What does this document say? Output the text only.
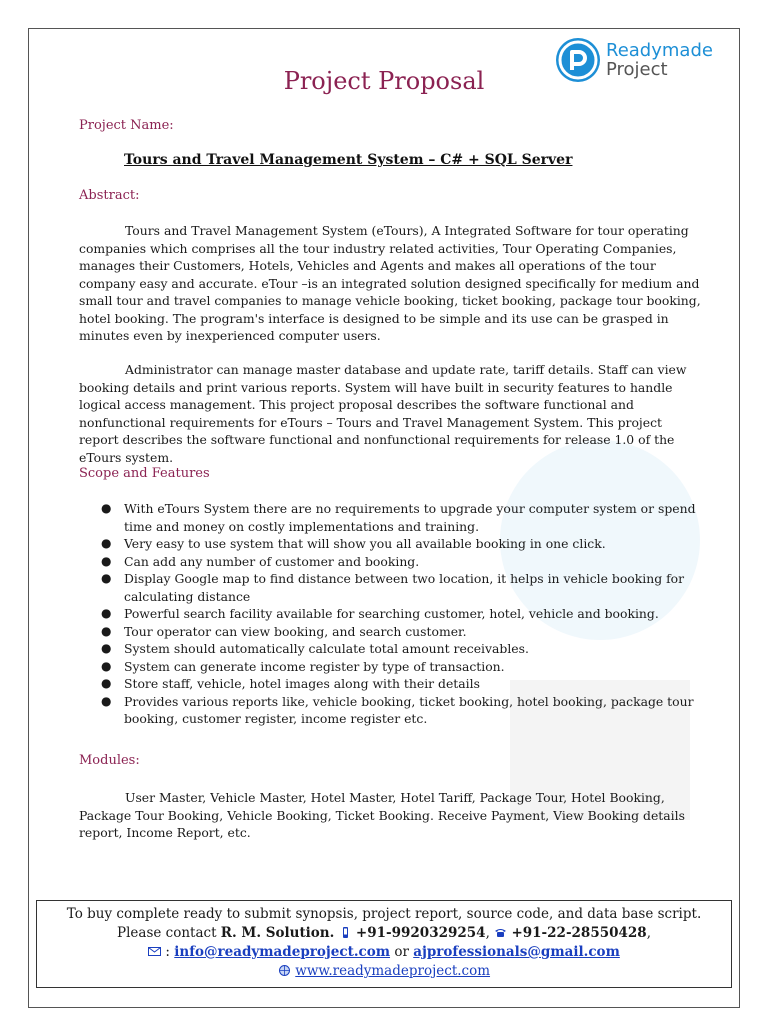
Readymade
Project
Project Proposal
Project Name:
Tours and Travel Management System – C# + SQL Server
Abstract:

Tours and Travel Management System (eTours), A Integrated Software for tour operating companies which comprises all the tour industry related activities, Tour Operating Companies, manages their Customers, Hotels, Vehicles and Agents and makes all operations of the tour company easy and accurate. eTour –is an integrated solution designed specifically for medium and small tour and travel companies to manage vehicle booking, ticket booking, package tour booking, hotel booking. The program's interface is designed to be simple and its use can be grasped in minutes even by inexperienced computer users.

Administrator can manage master database and update rate, tariff details. Staff can view booking details and print various reports. System will have built in security features to handle logical access management. This project proposal describes the software functional and nonfunctional requirements for eTours – Tours and Travel Management System. This project report describes the software functional and nonfunctional requirements for release 1.0 of the eTours system.

Scope and Features
● With eTours System there are no requirements to upgrade your computer system or spend time and money on costly implementations and training.
● Very easy to use system that will show you all available booking in one click.
● Can add any number of customer and booking.
● Display Google map to find distance between two location, it helps in vehicle booking for calculating distance
● Powerful search facility available for searching customer, hotel, vehicle and booking.
● Tour operator can view booking, and search customer.
● System should automatically calculate total amount receivables.
● System can generate income register by type of transaction.
● Store staff, vehicle, hotel images along with their details
● Provides various reports like, vehicle booking, ticket booking, hotel booking, package tour booking, customer register, income register etc.
Modules:

User Master, Vehicle Master, Hotel Master, Hotel Tariff, Package Tour, Hotel Booking, Package Tour Booking, Vehicle Booking, Ticket Booking. Receive Payment, View Booking details report, Income Report, etc.

To buy complete ready to submit synopsis, project report, source code, and data base script.
Please contact R. M. Solution. +91-9920329254,  +91-22-28550428,
: info@readymadeproject.com or ajprofessionals@gmail.com
www.readymadeproject.com
